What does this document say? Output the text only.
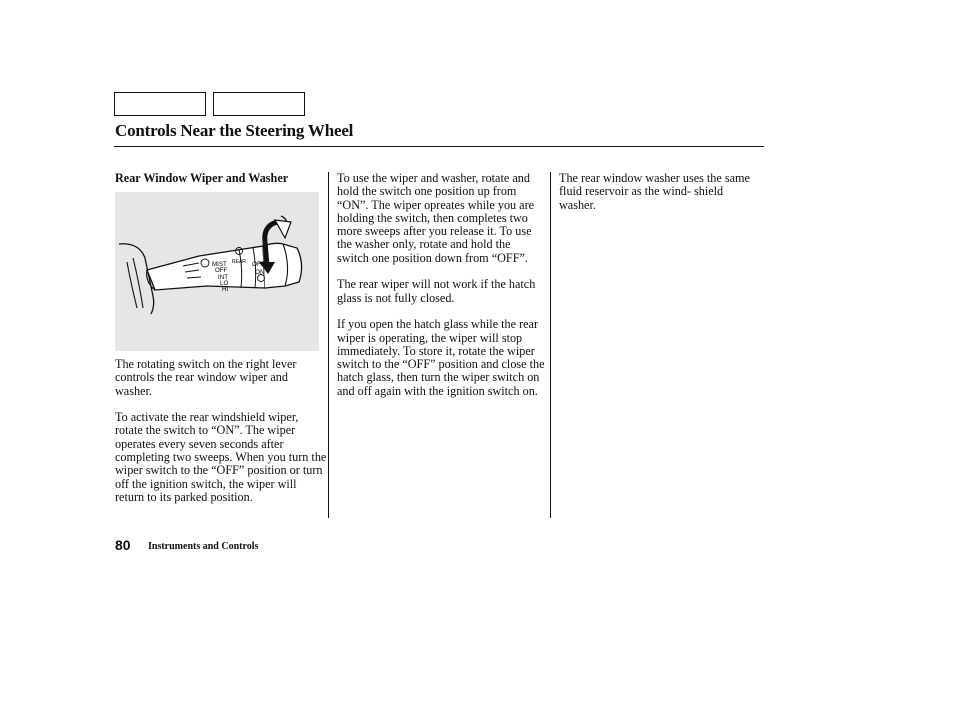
Controls Near the Steering Wheel
Rear Window Wiper and Washer
MIST
OFF
INT
LO
HI
REAR OFF
ON

The rotating switch on the right lever controls the rear window wiper and washer.

To activate the rear windshield wiper, rotate the switch to “ON”. The wiper operates every seven seconds after completing two sweeps. When you turn the wiper switch to the “OFF” position or turn off the ignition switch, the wiper will return to its parked position.

To use the wiper and washer, rotate and hold the switch one position up from “ON”. The wiper opreates while you are holding the switch, then completes two more sweeps after you release it. To use the washer only, rotate and hold the switch one position down from “OFF”.

The rear wiper will not work if the hatch glass is not fully closed.

If you open the hatch glass while the rear wiper is operating, the wiper will stop immediately. To store it, rotate the wiper switch to the “OFF” position and close the hatch glass, then turn the wiper switch on and off again with the ignition switch on.

The rear window washer uses the same fluid reservoir as the wind- shield washer.

80 Instruments and Controls
